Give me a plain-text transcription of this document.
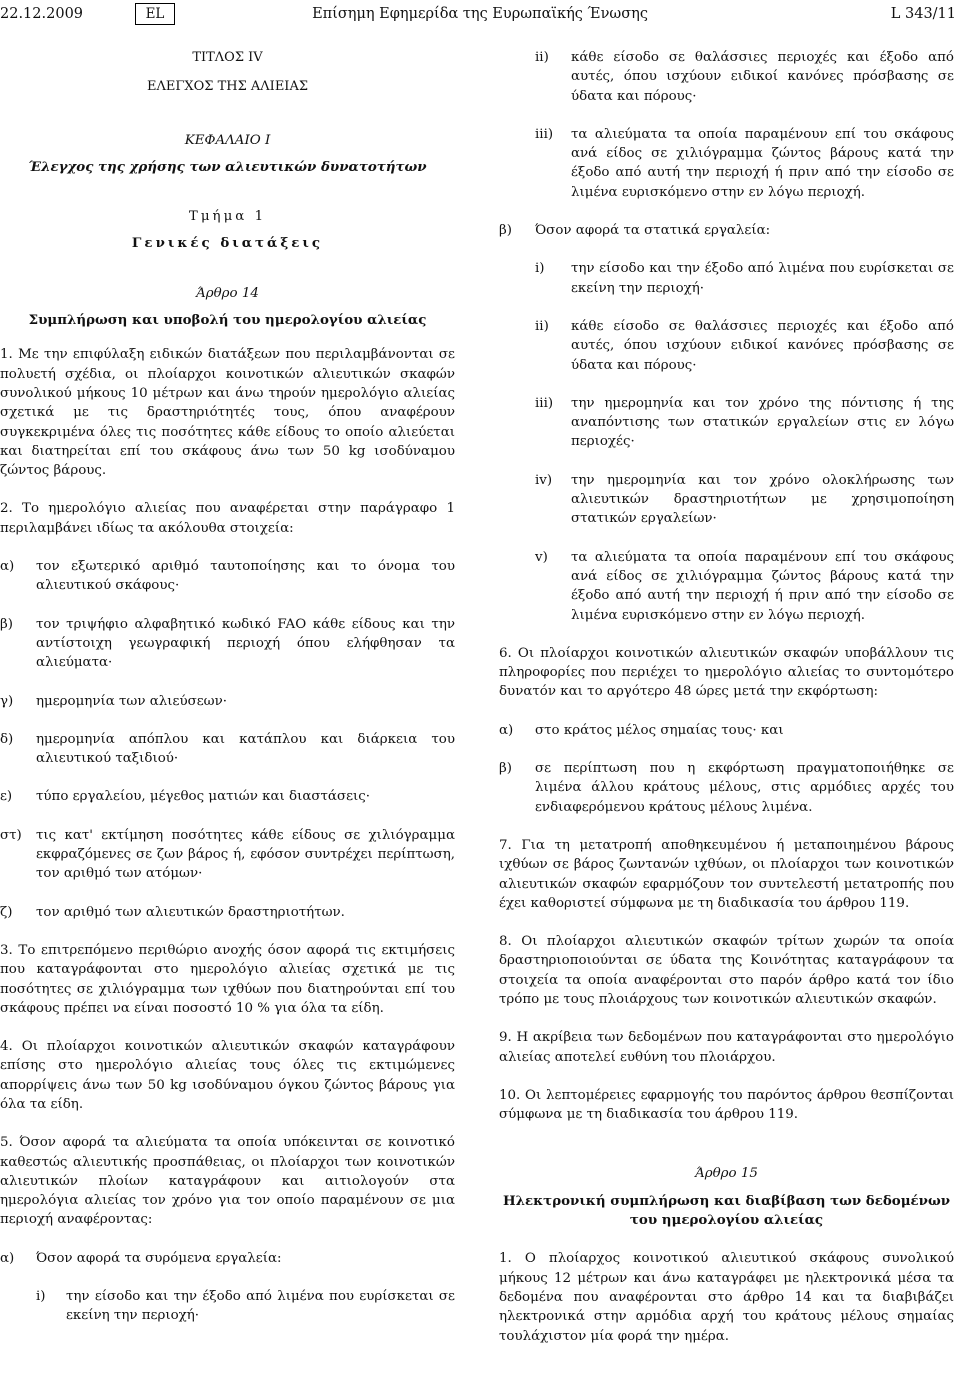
22.12.2009	Επίσημη Εφημερίδα της Ευρωπαϊκής Ένωσης
EL	L 343/11

ΤΙΤΛΟΣ IV

ΕΛΕΓΧΟΣ ΤΗΣ ΑΛΙΕΙΑΣ

ΚΕΦΑΛΑΙΟ I

Έλεγχος της χρήσης των αλιευτικών δυνατοτήτων

Τμήμα 1

Γενικές διατάξεις

Άρθρο 14

Συμπλήρωση και υποβολή του ημερολογίου αλιείας

1. Με την επιφύλαξη ειδικών διατάξεων που περιλαμβάνονται σε πολυετή σχέδια, οι πλοίαρχοι κοινοτικών αλιευτικών σκαφών συνολικού μήκους 10 μέτρων και άνω τηρούν ημερολόγιο αλιείας σχετικά με τις δραστηριότητές τους, όπου αναφέρουν συγκεκριμένα όλες τις ποσότητες κάθε είδους το οποίο αλιεύεται και διατηρείται επί του σκάφους άνω των 50 kg ισοδύναμου ζώντος βάρους.

2. Το ημερολόγιο αλιείας που αναφέρεται στην παράγραφο 1 περιλαμβάνει ιδίως τα ακόλουθα στοιχεία:

α)	τον εξωτερικό αριθμό ταυτοποίησης και το όνομα του αλιευτικού σκάφους·
β)	τον τριψήφιο αλφαβητικό κωδικό FAO κάθε είδους και την αντίστοιχη γεωγραφική περιοχή όπου ελήφθησαν τα αλιεύματα·
γ)	ημερομηνία των αλιεύσεων·
δ)	ημερομηνία απόπλου και κατάπλου και διάρκεια του αλιευτικού ταξιδιού·
ε)	τύπο εργαλείου, μέγεθος ματιών και διαστάσεις·
στ)	τις κατ' εκτίμηση ποσότητες κάθε είδους σε χιλιόγραμμα εκφραζόμενες σε ζων βάρος ή, εφόσον συντρέχει περίπτωση, τον αριθμό των ατόμων·
ζ)	τον αριθμό των αλιευτικών δραστηριοτήτων.

3. Το επιτρεπόμενο περιθώριο ανοχής όσον αφορά τις εκτιμήσεις που καταγράφονται στο ημερολόγιο αλιείας σχετικά με τις ποσότητες σε χιλιόγραμμα των ιχθύων που διατηρούνται επί του σκάφους πρέπει να είναι ποσοστό 10 % για όλα τα είδη.

4. Οι πλοίαρχοι κοινοτικών αλιευτικών σκαφών καταγράφουν επίσης στο ημερολόγιο αλιείας τους όλες τις εκτιμώμενες απορρίψεις άνω των 50 kg ισοδύναμου όγκου ζώντος βάρους για όλα τα είδη.

5. Όσον αφορά τα αλιεύματα τα οποία υπόκεινται σε κοινοτικό καθεστώς αλιευτικής προσπάθειας, οι πλοίαρχοι των κοινοτικών αλιευτικών πλοίων καταγράφουν και αιτιολογούν στα ημερολόγια αλιείας τον χρόνο για τον οποίο παραμένουν σε μια περιοχή αναφέροντας:

α)	Όσον αφορά τα συρόμενα εργαλεία:
i)	την είσοδο και την έξοδο από λιμένα που ευρίσκεται σε εκείνη την περιοχή·
ii)	κάθε είσοδο σε θαλάσσιες περιοχές και έξοδο από αυτές, όπου ισχύουν ειδικοί κανόνες πρόσβασης σε ύδατα και πόρους·
iii)	τα αλιεύματα τα οποία παραμένουν επί του σκάφους ανά είδος σε χιλιόγραμμα ζώντος βάρους κατά την έξοδο από αυτή την περιοχή ή πριν από την είσοδο σε λιμένα ευρισκόμενο στην εν λόγω περιοχή.
β)	Όσον αφορά τα στατικά εργαλεία:
i)	την είσοδο και την έξοδο από λιμένα που ευρίσκεται σε εκείνη την περιοχή·
ii)	κάθε είσοδο σε θαλάσσιες περιοχές και έξοδο από αυτές, όπου ισχύουν ειδικοί κανόνες πρόσβασης σε ύδατα και πόρους·
iii)	την ημερομηνία και τον χρόνο της πόντισης ή της αναπόντισης των στατικών εργαλείων στις εν λόγω περιοχές·
iv)	την ημερομηνία και τον χρόνο ολοκλήρωσης των αλιευτικών δραστηριοτήτων με χρησιμοποίηση στατικών εργαλείων·
v)	τα αλιεύματα τα οποία παραμένουν επί του σκάφους ανά είδος σε χιλιόγραμμα ζώντος βάρους κατά την έξοδο από αυτή την περιοχή ή πριν από την είσοδο σε λιμένα ευρισκόμενο στην εν λόγω περιοχή.

6. Οι πλοίαρχοι κοινοτικών αλιευτικών σκαφών υποβάλλουν τις πληροφορίες που περιέχει το ημερολόγιο αλιείας το συντομότερο δυνατόν και το αργότερο 48 ώρες μετά την εκφόρτωση:

α)	στο κράτος μέλος σημαίας τους· και
β)	σε περίπτωση που η εκφόρτωση πραγματοποιήθηκε σε λιμένα άλλου κράτους μέλους, στις αρμόδιες αρχές του ενδιαφερόμενου κράτους μέλους λιμένα.

7. Για τη μετατροπή αποθηκευμένου ή μεταποιημένου βάρους ιχθύων σε βάρος ζωντανών ιχθύων, οι πλοίαρχοι των κοινοτικών αλιευτικών σκαφών εφαρμόζουν τον συντελεστή μετατροπής που έχει καθοριστεί σύμφωνα με τη διαδικασία του άρθρου 119.

8. Οι πλοίαρχοι αλιευτικών σκαφών τρίτων χωρών τα οποία δραστηριοποιούνται σε ύδατα της Κοινότητας καταγράφουν τα στοιχεία τα οποία αναφέρονται στο παρόν άρθρο κατά τον ίδιο τρόπο με τους πλοιάρχους των κοινοτικών αλιευτικών σκαφών.

9. Η ακρίβεια των δεδομένων που καταγράφονται στο ημερολόγιο αλιείας αποτελεί ευθύνη του πλοιάρχου.

10. Οι λεπτομέρειες εφαρμογής του παρόντος άρθρου θεσπίζονται σύμφωνα με τη διαδικασία του άρθρου 119.

Άρθρο 15

Ηλεκτρονική συμπλήρωση και διαβίβαση των δεδομένων του ημερολογίου αλιείας

1. Ο πλοίαρχος κοινοτικού αλιευτικού σκάφους συνολικού μήκους 12 μέτρων και άνω καταγράφει με ηλεκτρονικά μέσα τα δεδομένα που αναφέρονται στο άρθρο 14 και τα διαβιβάζει ηλεκτρονικά στην αρμόδια αρχή του κράτους μέλους σημαίας τουλάχιστον μία φορά την ημέρα.
